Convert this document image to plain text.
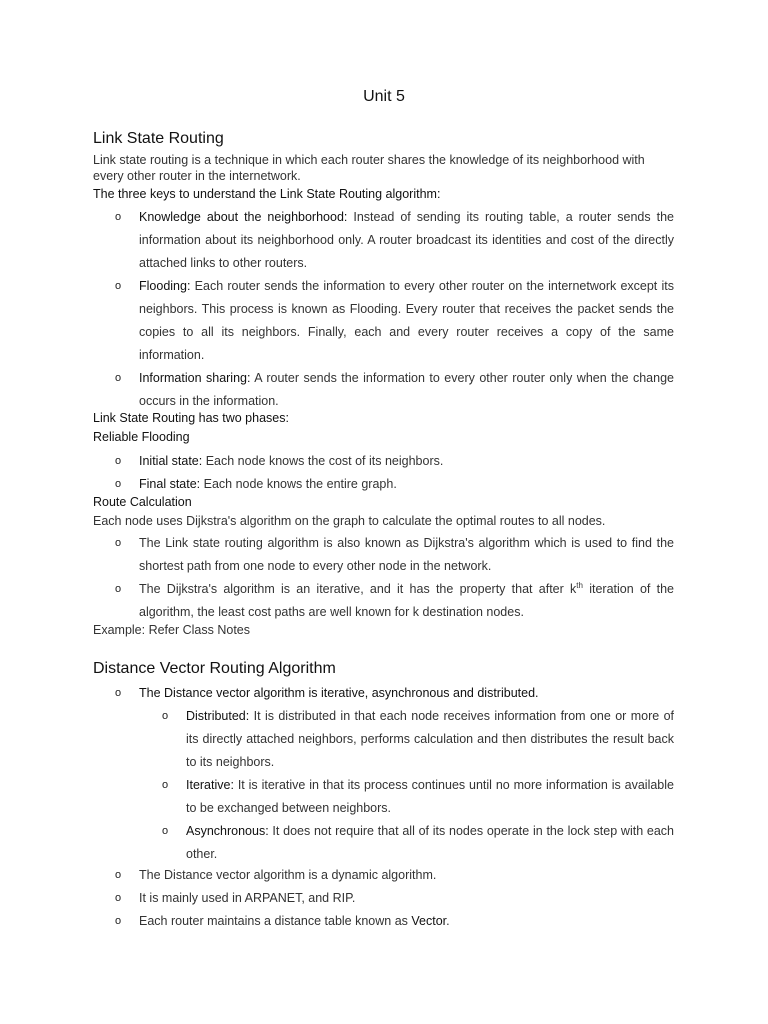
Unit 5
Link State Routing
Link state routing is a technique in which each router shares the knowledge of its neighborhood with every other router in the internetwork.
The three keys to understand the Link State Routing algorithm:
o Knowledge about the neighborhood: Instead of sending its routing table, a router sends the information about its neighborhood only. A router broadcast its identities and cost of the directly attached links to other routers.
o Flooding: Each router sends the information to every other router on the internetwork except its neighbors. This process is known as Flooding. Every router that receives the packet sends the copies to all its neighbors. Finally, each and every router receives a copy of the same information.
o Information sharing: A router sends the information to every other router only when the change occurs in the information.
Link State Routing has two phases:
Reliable Flooding
o Initial state: Each node knows the cost of its neighbors.
o Final state: Each node knows the entire graph.
Route Calculation
Each node uses Dijkstra's algorithm on the graph to calculate the optimal routes to all nodes.
o The Link state routing algorithm is also known as Dijkstra's algorithm which is used to find the shortest path from one node to every other node in the network.
o The Dijkstra's algorithm is an iterative, and it has the property that after $k^{th}$ iteration of the algorithm, the least cost paths are well known for k destination nodes.
Example: Refer Class Notes
Distance Vector Routing Algorithm
o The Distance vector algorithm is iterative, asynchronous and distributed.
o Distributed: It is distributed in that each node receives information from one or more of its directly attached neighbors, performs calculation and then distributes the result back to its neighbors.
o Iterative: It is iterative in that its process continues until no more information is available to be exchanged between neighbors.
o Asynchronous: It does not require that all of its nodes operate in the lock step with each other.
o The Distance vector algorithm is a dynamic algorithm.
o It is mainly used in ARPANET, and RIP.
o Each router maintains a distance table known as Vector.
